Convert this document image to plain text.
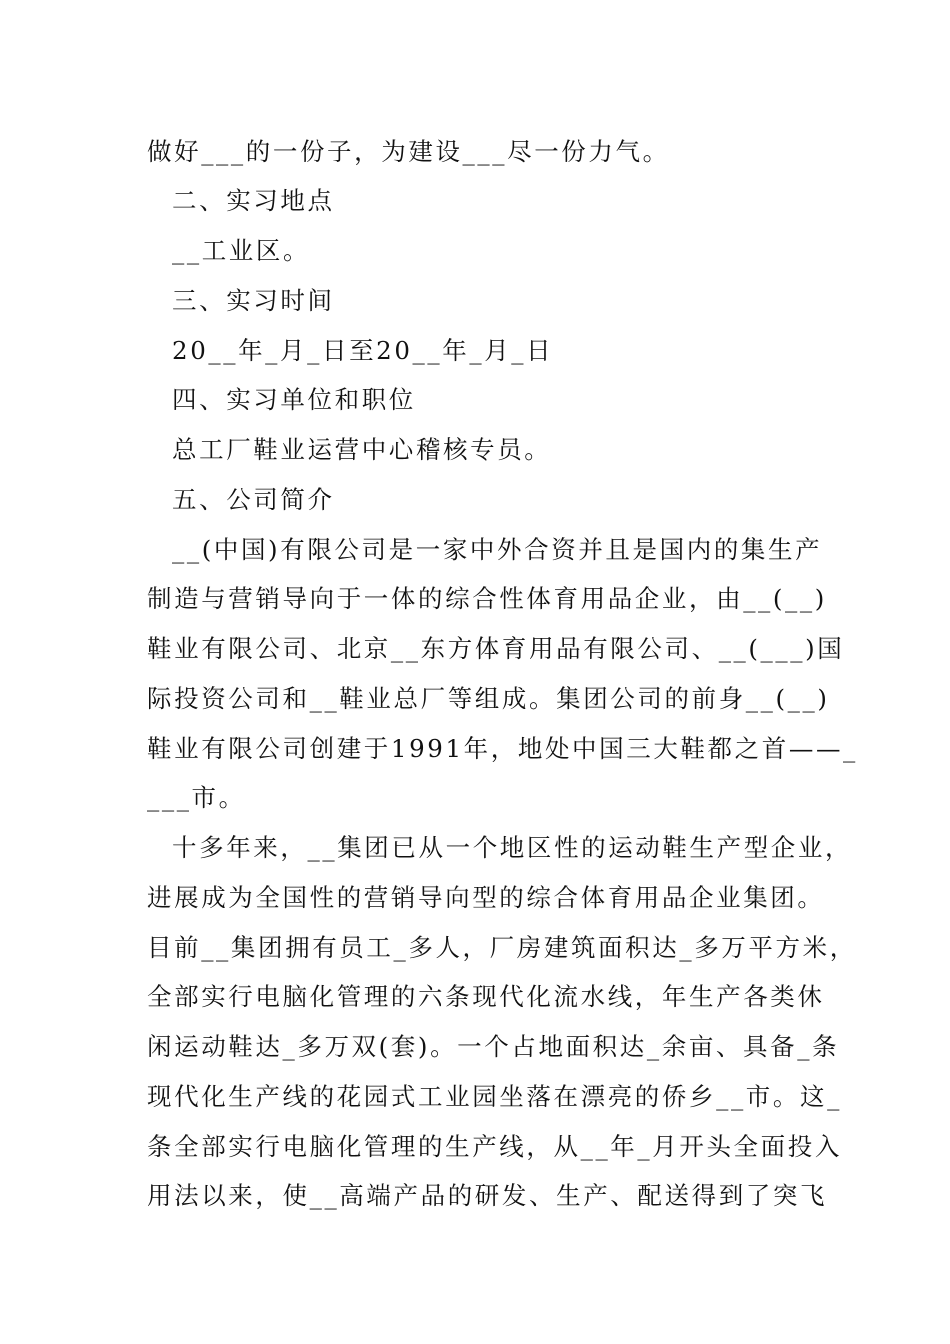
做好___的一份子，为建设___尽一份力气。
二、实习地点
__工业区。
三、实习时间
20__年_月_日至20__年_月_日
四、实习单位和职位
总工厂鞋业运营中心稽核专员。
五、公司简介
__(中国)有限公司是一家中外合资并且是国内的集生产
制造与营销导向于一体的综合性体育用品企业，由__(__)
鞋业有限公司、北京__东方体育用品有限公司、__(___)国
际投资公司和__鞋业总厂等组成。集团公司的前身__(__)
鞋业有限公司创建于1991年，地处中国三大鞋都之首——_
___市。
十多年来，__集团已从一个地区性的运动鞋生产型企业，
进展成为全国性的营销导向型的综合体育用品企业集团。
目前__集团拥有员工_多人，厂房建筑面积达_多万平方米，
全部实行电脑化管理的六条现代化流水线，年生产各类休
闲运动鞋达_多万双(套)。一个占地面积达_余亩、具备_条
现代化生产线的花园式工业园坐落在漂亮的侨乡__市。这_
条全部实行电脑化管理的生产线，从__年_月开头全面投入
用法以来，使__高端产品的研发、生产、配送得到了突飞
